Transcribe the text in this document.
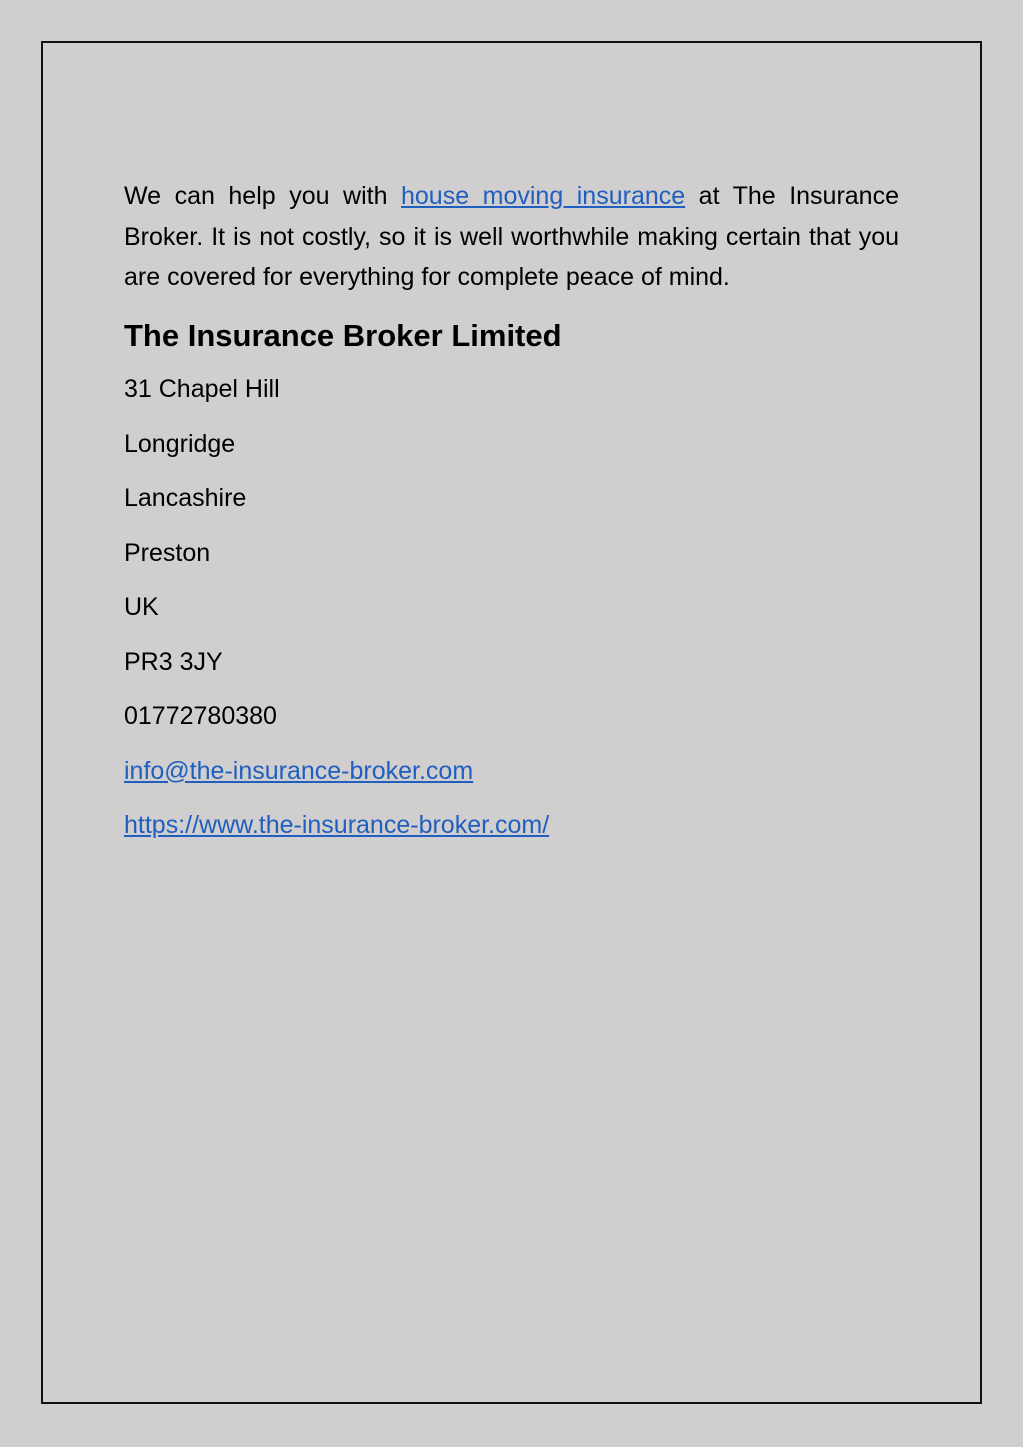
We can help you with house moving insurance at The Insurance Broker. It is not costly, so it is well worthwhile making certain that you are covered for everything for complete peace of mind.

The Insurance Broker Limited
31 Chapel Hill
Longridge
Lancashire
Preston
UK
PR3 3JY
01772780380
info@the-insurance-broker.com
https://www.the-insurance-broker.com/
